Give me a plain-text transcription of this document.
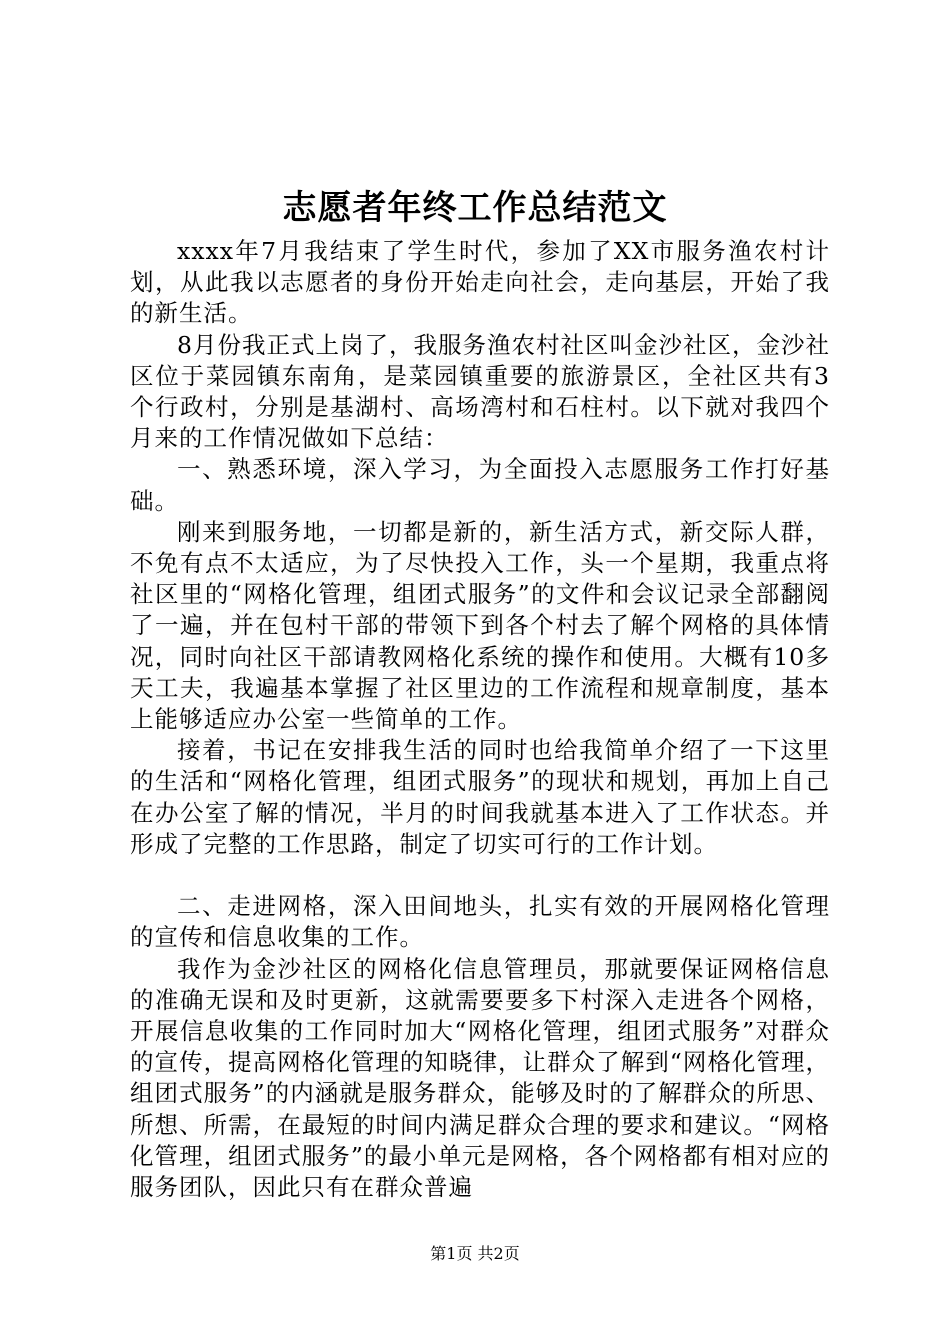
志愿者年终工作总结范文

xxxx年7月我结束了学生时代，参加了XX市服务渔农村计划，从此我以志愿者的身份开始走向社会，走向基层，开始了我的新生活。

8月份我正式上岗了，我服务渔农村社区叫金沙社区，金沙社区位于菜园镇东南角，是菜园镇重要的旅游景区，全社区共有3个行政村，分别是基湖村、高场湾村和石柱村。以下就对我四个月来的工作情况做如下总结：

一、熟悉环境，深入学习，为全面投入志愿服务工作打好基础。

刚来到服务地，一切都是新的，新生活方式，新交际人群，不免有点不太适应，为了尽快投入工作，头一个星期，我重点将社区里的“网格化管理，组团式服务”的文件和会议记录全部翻阅了一遍，并在包村干部的带领下到各个村去了解个网格的具体情况，同时向社区干部请教网格化系统的操作和使用。大概有10多天工夫，我遍基本掌握了社区里边的工作流程和规章制度，基本上能够适应办公室一些简单的工作。

接着，书记在安排我生活的同时也给我简单介绍了一下这里的生活和“网格化管理，组团式服务”的现状和规划，再加上自己在办公室了解的情况，半月的时间我就基本进入了工作状态。并形成了完整的工作思路，制定了切实可行的工作计划。

二、走进网格，深入田间地头，扎实有效的开展网格化管理的宣传和信息收集的工作。

我作为金沙社区的网格化信息管理员，那就要保证网格信息的准确无误和及时更新，这就需要要多下村深入走进各个网格，开展信息收集的工作同时加大“网格化管理，组团式服务”对群众的宣传，提高网格化管理的知晓律，让群众了解到“网格化管理，组团式服务”的内涵就是服务群众，能够及时的了解群众的所思、所想、所需，在最短的时间内满足群众合理的要求和建议。“网格化管理，组团式服务”的最小单元是网格，各个网格都有相对应的服务团队，因此只有在群众普遍

第1页 共2页
